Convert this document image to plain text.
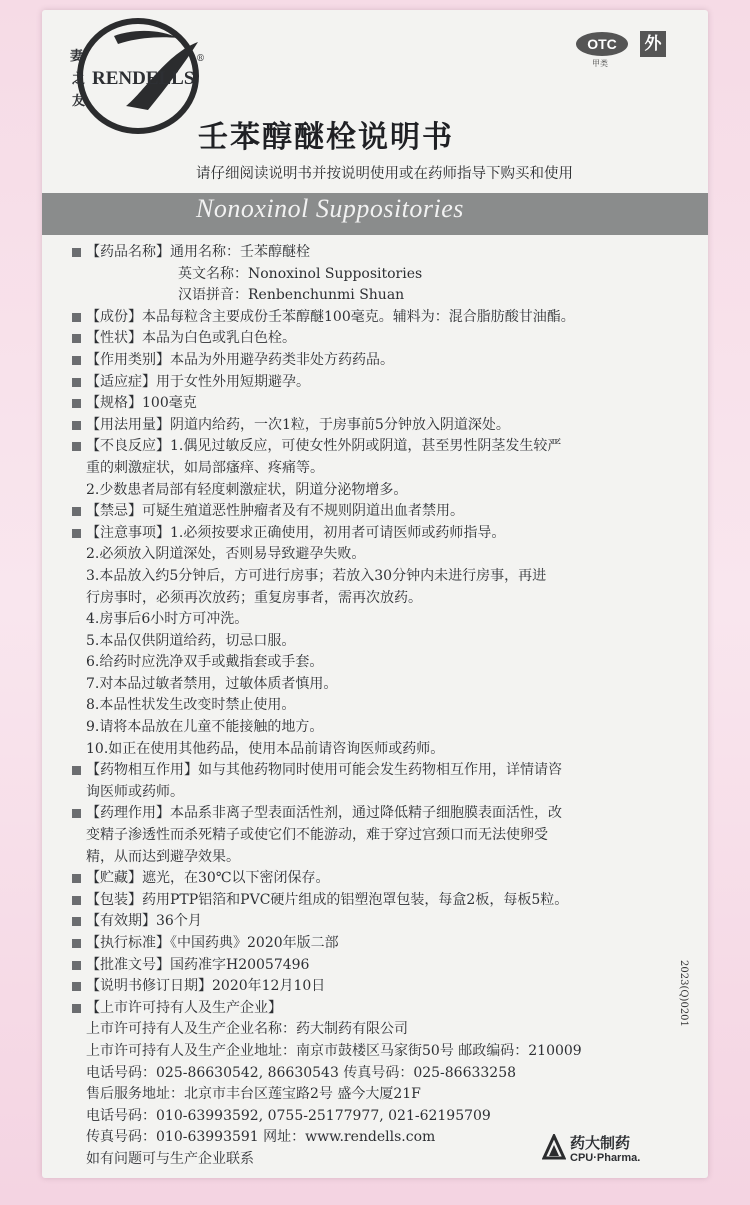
妻
之
友
RENDELLS
®
OTC
甲类
外
壬苯醇醚栓说明书
请仔细阅读说明书并按说明使用或在药师指导下购买和使用
Nonoxinol Suppositories
【药品名称】通用名称：壬苯醇醚栓
英文名称：Nonoxinol Suppositories
汉语拼音：Renbenchunmi Shuan
【成份】本品每粒含主要成份壬苯醇醚100毫克。辅料为：混合脂肪酸甘油酯。
【性状】本品为白色或乳白色栓。
【作用类别】本品为外用避孕药类非处方药药品。
【适应症】用于女性外用短期避孕。
【规格】100毫克
【用法用量】阴道内给药，一次1粒，于房事前5分钟放入阴道深处。
【不良反应】1.偶见过敏反应，可使女性外阴或阴道，甚至男性阴茎发生较严
重的刺激症状，如局部瘙痒、疼痛等。
2.少数患者局部有轻度刺激症状，阴道分泌物增多。
【禁忌】可疑生殖道恶性肿瘤者及有不规则阴道出血者禁用。
【注意事项】1.必须按要求正确使用，初用者可请医师或药师指导。
2.必须放入阴道深处，否则易导致避孕失败。
3.本品放入约5分钟后，方可进行房事；若放入30分钟内未进行房事，再进
行房事时，必须再次放药；重复房事者，需再次放药。
4.房事后6小时方可冲洗。
5.本品仅供阴道给药，切忌口服。
6.给药时应洗净双手或戴指套或手套。
7.对本品过敏者禁用，过敏体质者慎用。
8.本品性状发生改变时禁止使用。
9.请将本品放在儿童不能接触的地方。
10.如正在使用其他药品，使用本品前请咨询医师或药师。
【药物相互作用】如与其他药物同时使用可能会发生药物相互作用，详情请咨
询医师或药师。
【药理作用】本品系非离子型表面活性剂，通过降低精子细胞膜表面活性，改
变精子渗透性而杀死精子或使它们不能游动，难于穿过宫颈口而无法使卵受
精，从而达到避孕效果。
【贮藏】遮光，在30℃以下密闭保存。
【包装】药用PTP铝箔和PVC硬片组成的铝塑泡罩包装，每盒2板，每板5粒。
【有效期】36个月
【执行标准】《中国药典》2020年版二部
【批准文号】国药准字H20057496
【说明书修订日期】2020年12月10日
【上市许可持有人及生产企业】
上市许可持有人及生产企业名称：药大制药有限公司
上市许可持有人及生产企业地址：南京市鼓楼区马家街50号 邮政编码：210009
电话号码：025-86630542, 86630543 传真号码：025-86633258
售后服务地址：北京市丰台区莲宝路2号 盛今大厦21F
电话号码：010-63993592, 0755-25177977, 021-62195709
传真号码：010-63993591 网址：www.rendells.com
如有问题可与生产企业联系
2023(Q)0201
药大制药
CPU·Pharma.
